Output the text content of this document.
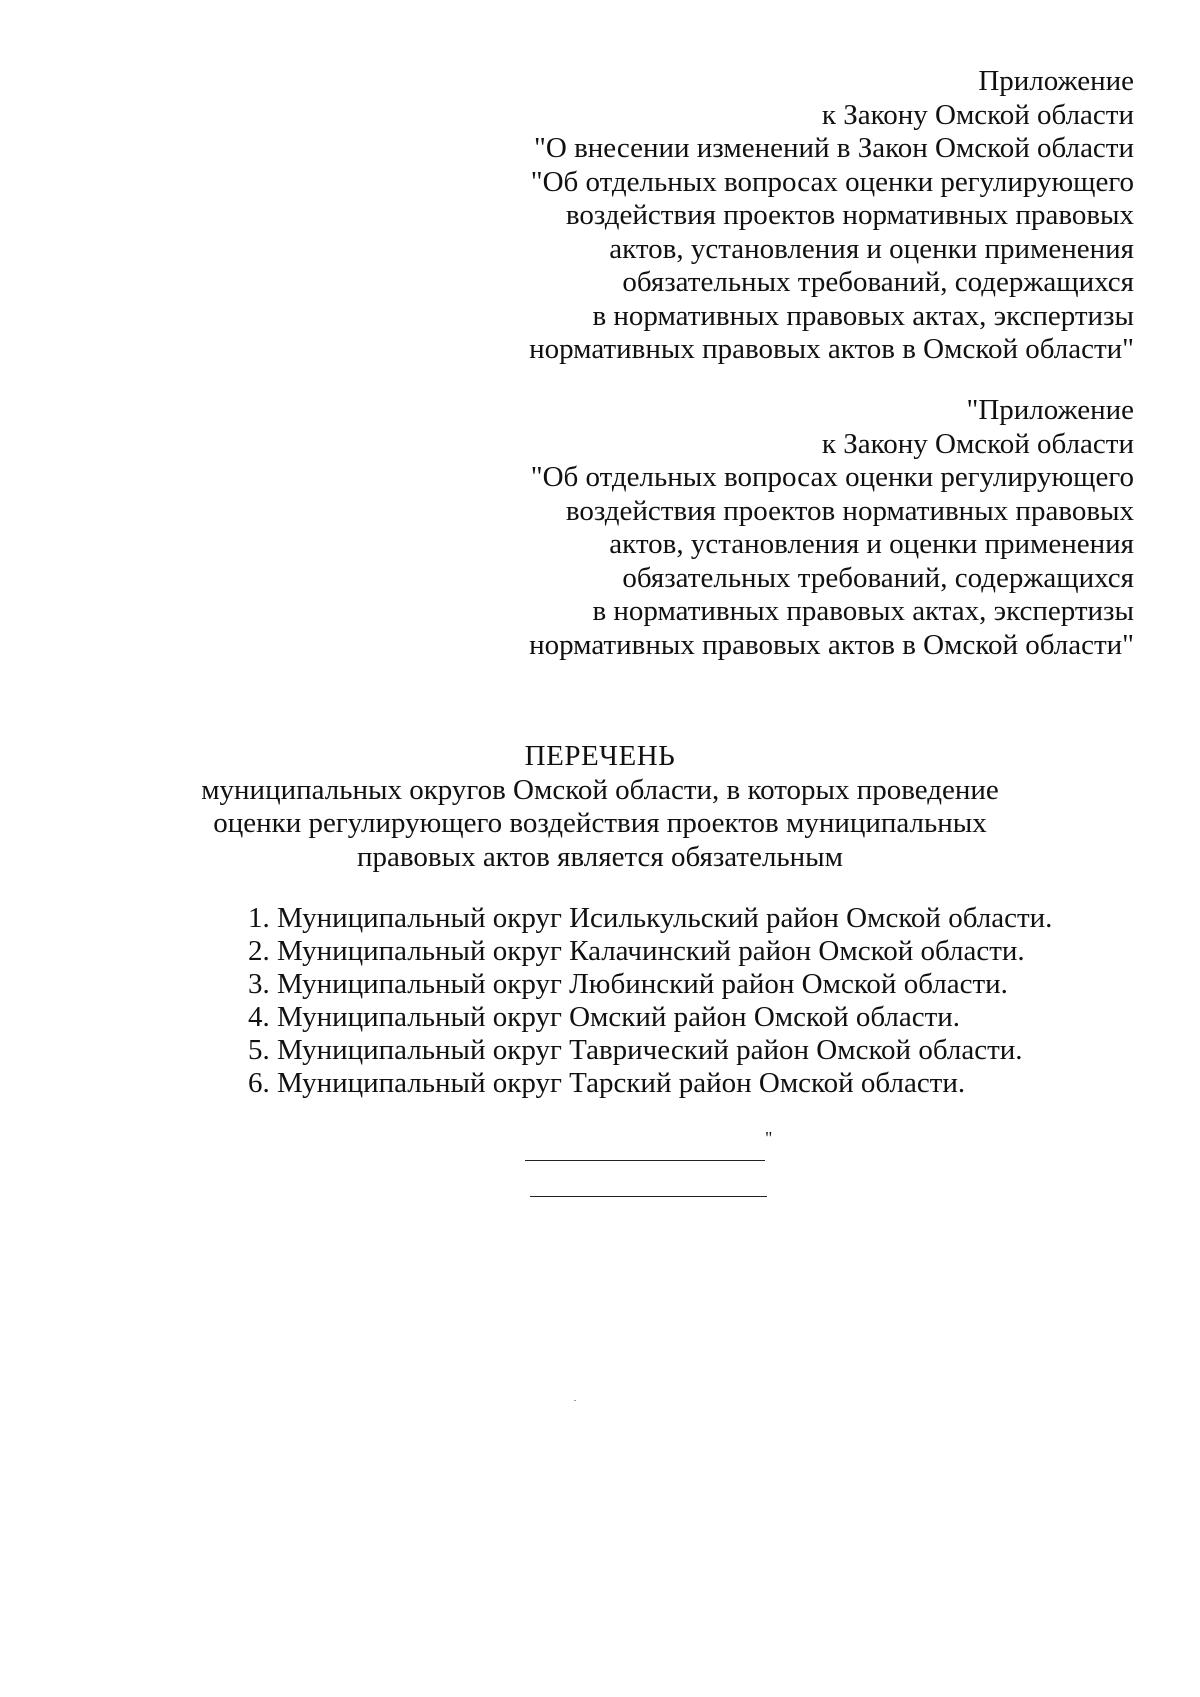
Приложение
к Закону Омской области
"О внесении изменений в Закон Омской области
"Об отдельных вопросах оценки регулирующего
воздействия проектов нормативных правовых
актов, установления и оценки применения
обязательных требований, содержащихся
в нормативных правовых актах, экспертизы
нормативных правовых актов в Омской области"
"Приложение
к Закону Омской области
"Об отдельных вопросах оценки регулирующего
воздействия проектов нормативных правовых
актов, установления и оценки применения
обязательных требований, содержащихся
в нормативных правовых актах, экспертизы
нормативных правовых актов в Омской области"
ПЕРЕЧЕНЬ
муниципальных округов Омской области, в которых проведение
оценки регулирующего воздействия проектов муниципальных
правовых актов является обязательным
1. Муниципальный округ Исилькульский район Омской области.
2. Муниципальный округ Калачинский район Омской области.
3. Муниципальный округ Любинский район Омской области.
4. Муниципальный округ Омский район Омской области.
5. Муниципальный округ Таврический район Омской области.
6. Муниципальный округ Тарский район Омской области.
"
